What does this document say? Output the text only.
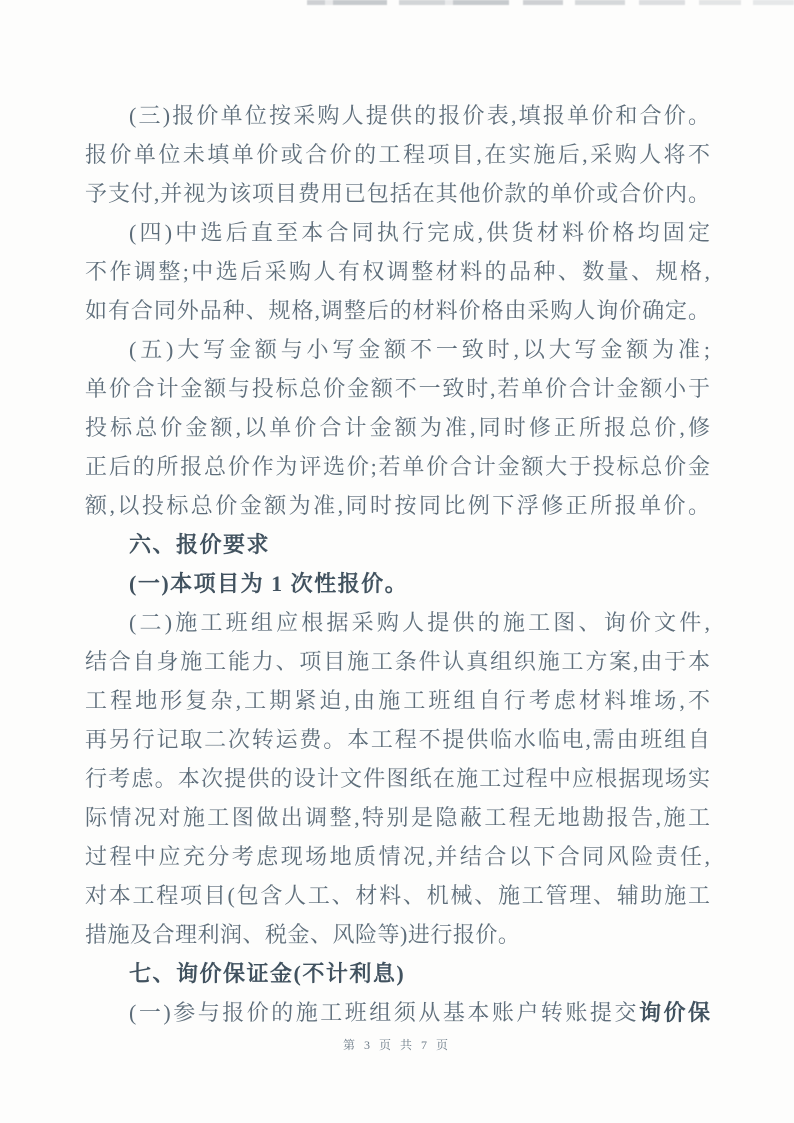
(三)报价单位按采购人提供的报价表,填报单价和合价。
报价单位未填单价或合价的工程项目,在实施后,采购人将不
予支付,并视为该项目费用已包括在其他价款的单价或合价内。
(四)中选后直至本合同执行完成,供货材料价格均固定
不作调整;中选后采购人有权调整材料的品种、数量、规格,
如有合同外品种、规格,调整后的材料价格由采购人询价确定。
(五)大写金额与小写金额不一致时,以大写金额为准;
单价合计金额与投标总价金额不一致时,若单价合计金额小于
投标总价金额,以单价合计金额为准,同时修正所报总价,修
正后的所报总价作为评选价;若单价合计金额大于投标总价金
额,以投标总价金额为准,同时按同比例下浮修正所报单价。
六、报价要求
(一)本项目为 1 次性报价。
(二)施工班组应根据采购人提供的施工图、询价文件,
结合自身施工能力、项目施工条件认真组织施工方案,由于本
工程地形复杂,工期紧迫,由施工班组自行考虑材料堆场,不
再另行记取二次转运费。本工程不提供临水临电,需由班组自
行考虑。本次提供的设计文件图纸在施工过程中应根据现场实
际情况对施工图做出调整,特别是隐蔽工程无地勘报告,施工
过程中应充分考虑现场地质情况,并结合以下合同风险责任,
对本工程项目(包含人工、材料、机械、施工管理、辅助施工
措施及合理利润、税金、风险等)进行报价。
七、询价保证金(不计利息)
(一)参与报价的施工班组须从基本账户转账提交询价保
第 3 页 共 7 页
